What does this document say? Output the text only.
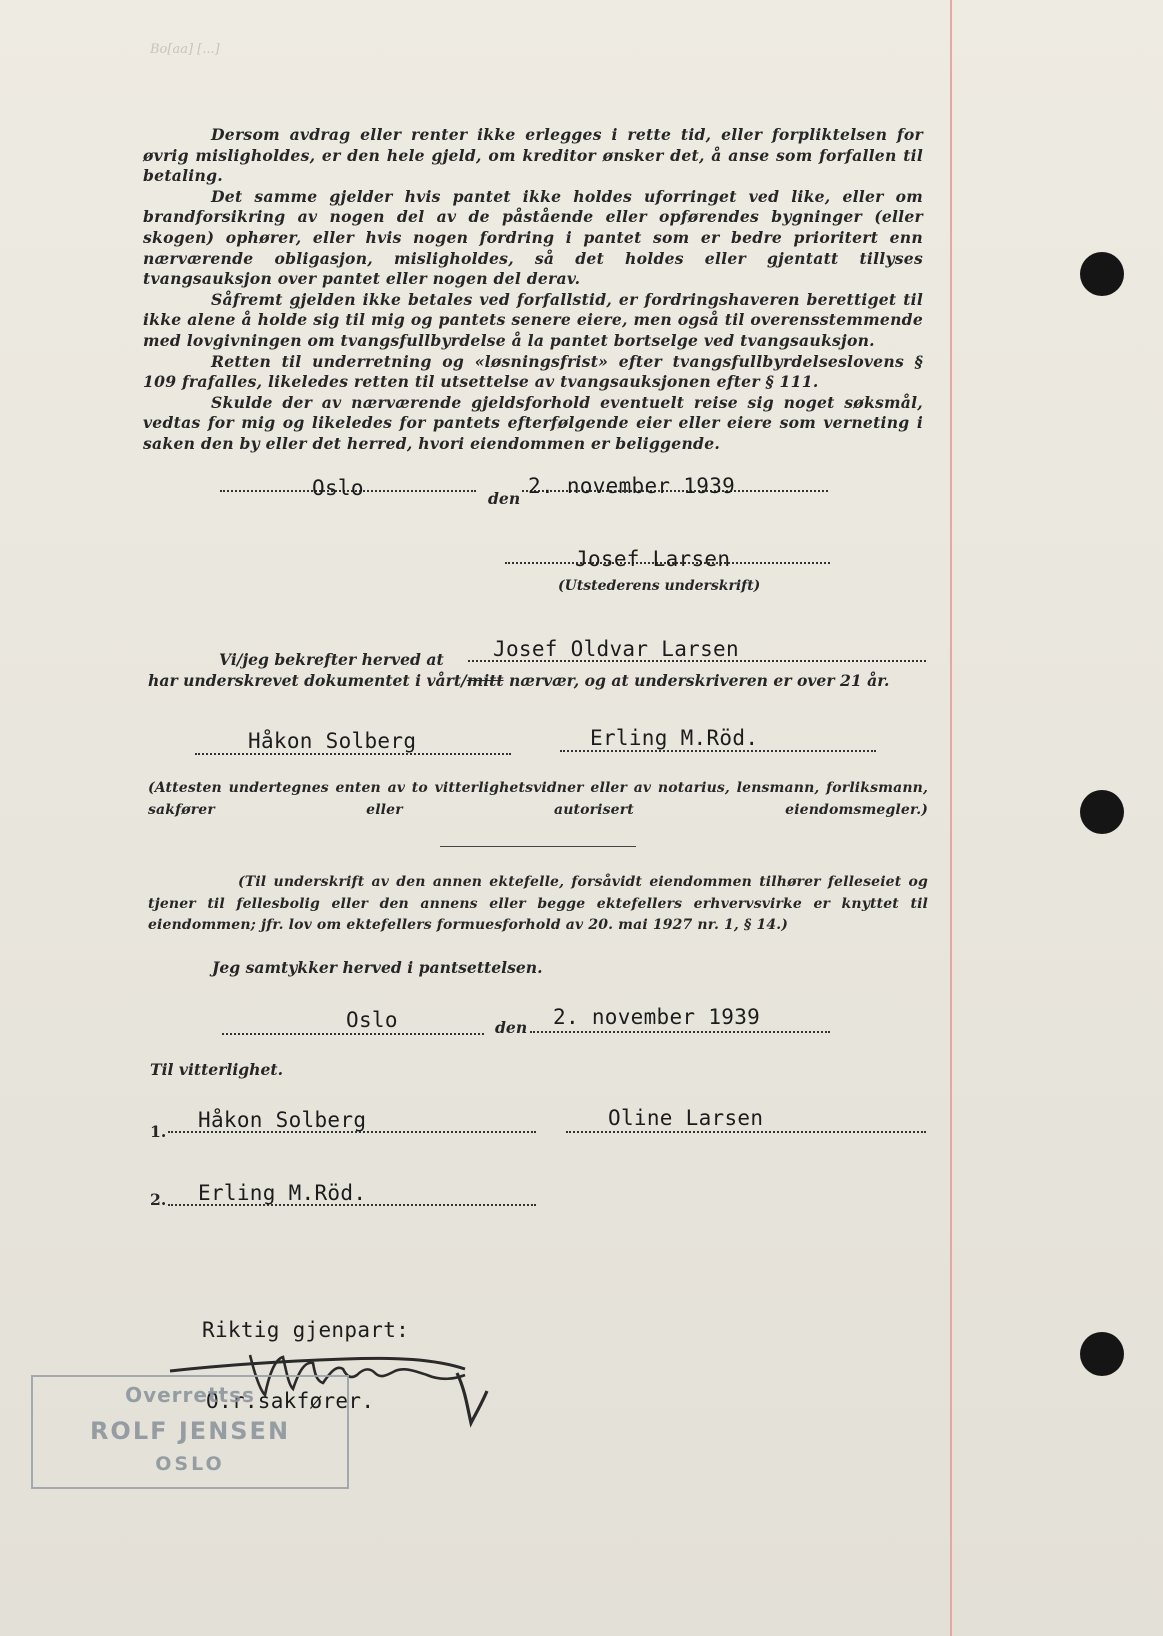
Bo[aa] [...]

Dersom avdrag eller renter ikke erlegges i rette tid, eller forpliktelsen for øvrig misligholdes, er den hele gjeld, om kreditor ønsker det, å anse som forfallen til betaling.

Det samme gjelder hvis pantet ikke holdes uforringet ved like, eller om brandforsikring av nogen del av de påstående eller opførendes bygninger (eller skogen) ophører, eller hvis nogen fordring i pantet som er bedre prioritert enn nærværende obligasjon, misligholdes, så det holdes eller gjentatt tillyses tvangsauksjon over pantet eller nogen del derav.

Såfremt gjelden ikke betales ved forfallstid, er fordringshaveren berettiget til ikke alene å holde sig til mig og pantets senere eiere, men også til overensstemmende med lovgivningen om tvangsfullbyrdelse å la pantet bortselge ved tvangsauksjon.

Retten til underretning og «løsningsfrist» efter tvangsfullbyrdelseslovens § 109 frafalles, likeledes retten til utsettelse av tvangsauksjonen efter § 111.

Skulde der av nærværende gjeldsforhold eventuelt reise sig noget søksmål, vedtas for mig og likeledes for pantets efterfølgende eier eller eiere som verneting i saken den by eller det herred, hvori eiendommen er beliggende.

Oslo	den
2. november 1939
Josef Larsen
(Utstederens underskrift)
Vi/jeg bekrefter herved at Josef Oldvar Larsen
har underskrevet dokumentet i vårt/mitt nærvær, og at underskriveren er over 21 år.
Håkon Solberg	Erling M.Röd.
(Attesten undertegnes enten av to vitterlighetsvidner eller av notarius, lensmann, forliksmann, sakfører eller autorisert eiendomsmegler.)
(Til underskrift av den annen ektefelle, forsåvidt eiendommen tilhører felleseiet og tjener til fellesbolig eller den annens eller begge ektefellers erhvervsvirke er knyttet til eiendommen; jfr. lov om ektefellers formuesforhold av 20. mai 1927 nr. 1, § 14.)
Jeg samtykker herved i pantsettelsen.
Oslo	den 2. november 1939
Til vitterlighet.
1. Håkon Solberg	Oline Larsen
2. Erling M.Röd.
Riktig gjenpart:
O.r.sakfører.
Overrettss
ROLF JENSEN
OSLO
